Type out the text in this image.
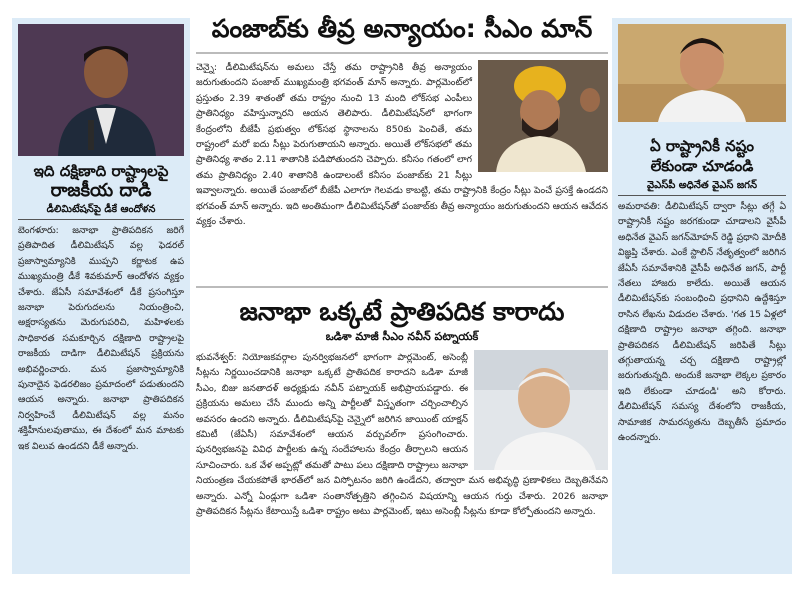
ఇది దక్షిణాది రాష్ట్రాలపై
రాజకీయ దాడి
డీలిమిటేషన్‌పై డీకే ఆందోళన
బెంగళూరు: జనాభా ప్రాతిపదికన జరిగే ప్రతిపాదిత డీలిమిటేషన్ వల్ల ఫెడరల్ ప్రజాస్వామ్యానికి ముప్పని కర్ణాటక ఉప ముఖ్యమంత్రి డీకే శివకుమార్ ఆందోళన వ్యక్తం చేశారు. జేఏసీ సమావేశంలో డీకే ప్రసంగిస్తూ జనాభా పెరుగుదలను నియంత్రించి, అక్షరాస్యతను మెరుగుపరిచి, మహిళలకు సాధికారత సమకూర్చిన దక్షిణాది రాష్ట్రాలపై రాజకీయ దాడిగా డీలిమిటేషన్ ప్రక్రియను అభివర్ణించారు. మన ప్రజాస్వామ్యానికి పునాదైన ఫెడరలిజం ప్రమాదంలో పడుతుందని ఆయన అన్నారు. జనాభా ప్రాతిపదికన నిర్వహించే డీలిమిటేషన్ వల్ల మనం శక్తిహీనులవుతాము, ఈ దేశంలో మన మాటకు ఇక విలువ ఉండదని డీకే అన్నారు.
పంజాబ్‌కు తీవ్ర అన్యాయం: సీఎం మాన్
చెన్నై: డీలిమిటేషన్‌ను అమలు చేస్తే తమ రాష్ట్రానికి తీవ్ర అన్యాయం జరుగుతుందని పంజాబ్ ముఖ్యమంత్రి భగవంత్ మాన్ అన్నారు. పార్లమెంట్‌లో ప్రస్తుతం 2.39 శాతంతో తమ రాష్ట్రం నుంచి 13 మంది లోక్‌సభ ఎంపీలు ప్రాతినిధ్యం వహిస్తున్నారని ఆయన తెలిపారు. డీలిమిటేషన్‌లో భాగంగా కేంద్రంలోని బీజేపీ ప్రభుత్వం లోక్‌సభ స్థానాలను 850కు పెంచితే, తమ రాష్ట్రంలో మరో ఐదు సీట్లు పెరుగుతాయని అన్నారు. అయితే లోక్‌సభలో తమ ప్రాతినిధ్య శాతం 2.11 శాతానికి పడిపోతుందని చెప్పారు. కనీసం గతంలో లాగ తమ ప్రాతినిధ్యం 2.40 శాతానికి ఉండాలంటే కనీసం పంజాబ్‌కు 21 సీట్లు ఇవ్వాలన్నారు. అయితే పంజాబ్‌లో బీజేపీ ఎలాగూ గెలవడు కాబట్టి, తమ రాష్ట్రానికి కేంద్రం సీట్లు పెంచే ప్రసక్తే ఉండదని భగవంత్ మాన్ అన్నారు. ఇది అంతిమంగా డీలిమిటేషన్‌తో పంజాబ్‌కు తీవ్ర అన్యాయం జరుగుతుందని ఆయన ఆవేదన వ్యక్తం చేశారు.
జనాభా ఒక్కటే ప్రాతిపదిక కారాదు
ఒడిశా మాజీ సీఎం నవీన్ పట్నాయక్
భువనేశ్వర్: నియోజకవర్గాల పునర్విభజనలో భాగంగా పార్లమెంట్, అసెంబ్లీ సీట్లను నిర్ణయించడానికి జనాభా ఒక్కటే ప్రాతిపదిక కారాదని ఒడిశా మాజీ సీఎం, బిజు జనతాదళ్ అధ్యక్షుడు నవీన్ పట్నాయక్ అభిప్రాయపడ్డారు. ఈ ప్రక్రియను అమలు చేసే ముందు అన్ని పార్టీలతో విస్తృతంగా చర్చించాల్సిన అవసరం ఉందని అన్నారు. డీలిమిటేషన్‌పై చెన్నైలో జరిగిన జాయింట్ యాక్షన్ కమిటీ (జేఏసీ) సమావేశంలో ఆయన వర్చువల్‌గా ప్రసంగించారు. పునర్విభజనపై వివిధ పార్టీలకు ఉన్న సందేహాలను కేంద్రం తీర్చాలని ఆయన సూచించారు. ఒక వేళ అప్పట్లో తమతో పాటు పలు దక్షిణాది రాష్ట్రాలు జనాభా నియంత్రణ చేయకపోతే భారత్‌లో జన విస్ఫోటనం జరిగి ఉండేదని, తద్వారా మన అభివృద్ధి ప్రణాళికలు దెబ్బతినేవని అన్నారు. ఎన్నో ఏండ్లుగా ఒడిశా సంతానోత్పత్తిని తగ్గించిన విషయాన్ని ఆయన గుర్తు చేశారు. 2026 జనాభా ప్రాతిపదికన సీట్లను కేటాయిస్తే ఒడిశా రాష్ట్రం అటు పార్లమెంట్, ఇటు అసెంబ్లీ సీట్లను కూడా కోల్పోతుందని అన్నారు.
ఏ రాష్ట్రానికీ నష్టం
లేకుండా చూడండి
వైఎస్‌పీ అధినేత వైఎస్ జగన్
అమరావతి: డీలిమిటేషన్ ద్వారా సీట్లు తగ్గే ఏ రాష్ట్రానికీ నష్టం జరగకుండా చూడాలని వైసీపీ అధినేత వైఎస్ జగన్‌మోహన్ రెడ్డి ప్రధాని మోదీకి విజ్ఞప్తి చేశారు. ఎంకే స్టాలిన్ నేతృత్వంలో జరిగిన జేఏసీ సమావేశానికి వైసీపీ అధినేత జగన్, పార్టీ నేతలు హాజరు కాలేదు. అయితే ఆయన డీలిమిటేషన్‌కు సంబంధించి ప్రధానిని ఉద్దేశిస్తూ రాసిన లేఖను విడుదల చేశారు. 'గత 15 ఏళ్లలో దక్షిణాది రాష్ట్రాల జనాభా తగ్గింది. జనాభా ప్రాతిపదికన డీలిమిటేషన్ జరిపితే సీట్లు తగ్గుతాయన్న చర్చ దక్షిణాది రాష్ట్రాల్లో జరుగుతున్నది. అందుకే జనాభా లెక్కల ప్రకారం ఇది లేకుండా చూడండి' అని కోరారు. డీలిమిటేషన్ సమస్య దేశంలోని రాజకీయ, సామాజిక సామరస్యతను దెబ్బతీసే ప్రమాదం ఉందన్నారు.
